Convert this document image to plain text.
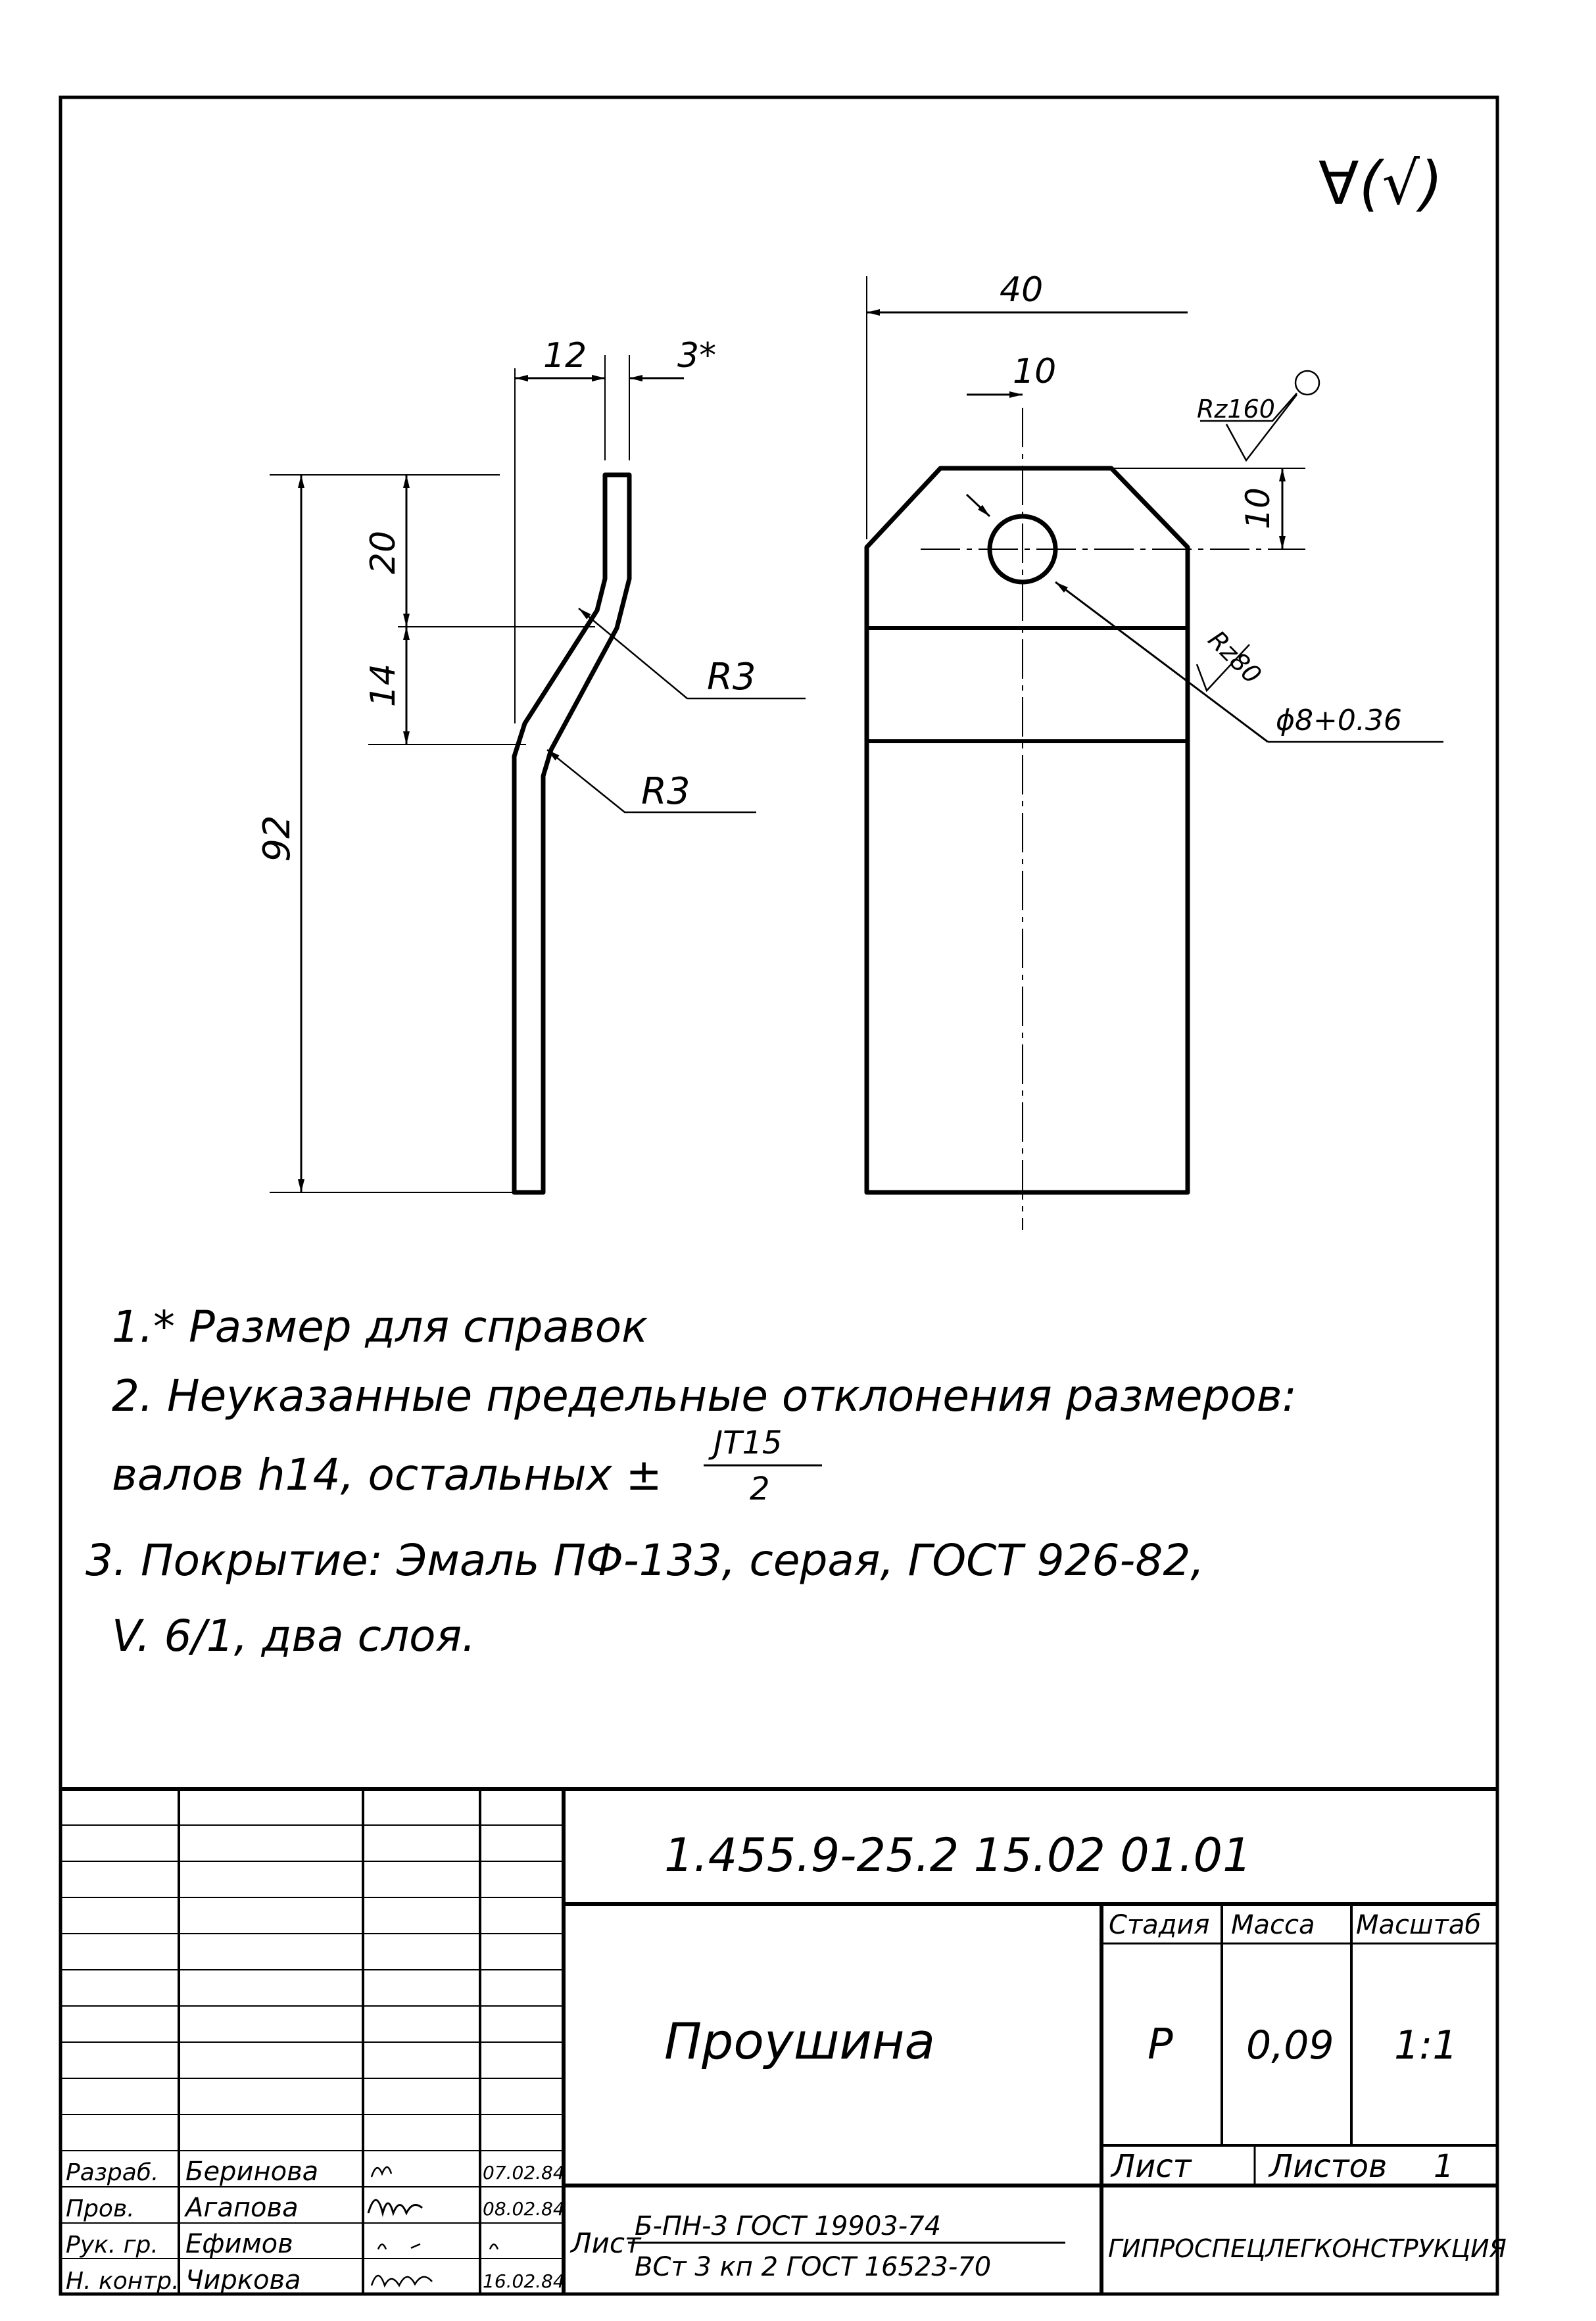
∀(√)
12	3*
20
14
92
R3
R3
40
10
10
ϕ8+0.36
Rz160
Rz80
1.* Размер для справок
2. Неуказанные предельные отклонения размеров:
валов h14, остальных ±
JT15
2
3. Покрытие: Эмаль ПФ-133, серая, ГОСТ 926-82,
V. 6/1, два слоя.
1.455.9-25.2 15.02 01.01
Проушина
Стадия Масса Масштаб
Р 0,09 1:1
Лист Листов 1
Лист
Б-ПН-3 ГОСТ 19903-74
ВСт 3 кп 2 ГОСТ 16523-70
ГИПРОСПЕЦЛЕГКОНСТРУКЦИЯ
Разраб. Беринова	07.02.84
Пров. Агапова	08.02.84
Рук. гр. Ефимов
Н. контр. Чиркова	16.02.84
